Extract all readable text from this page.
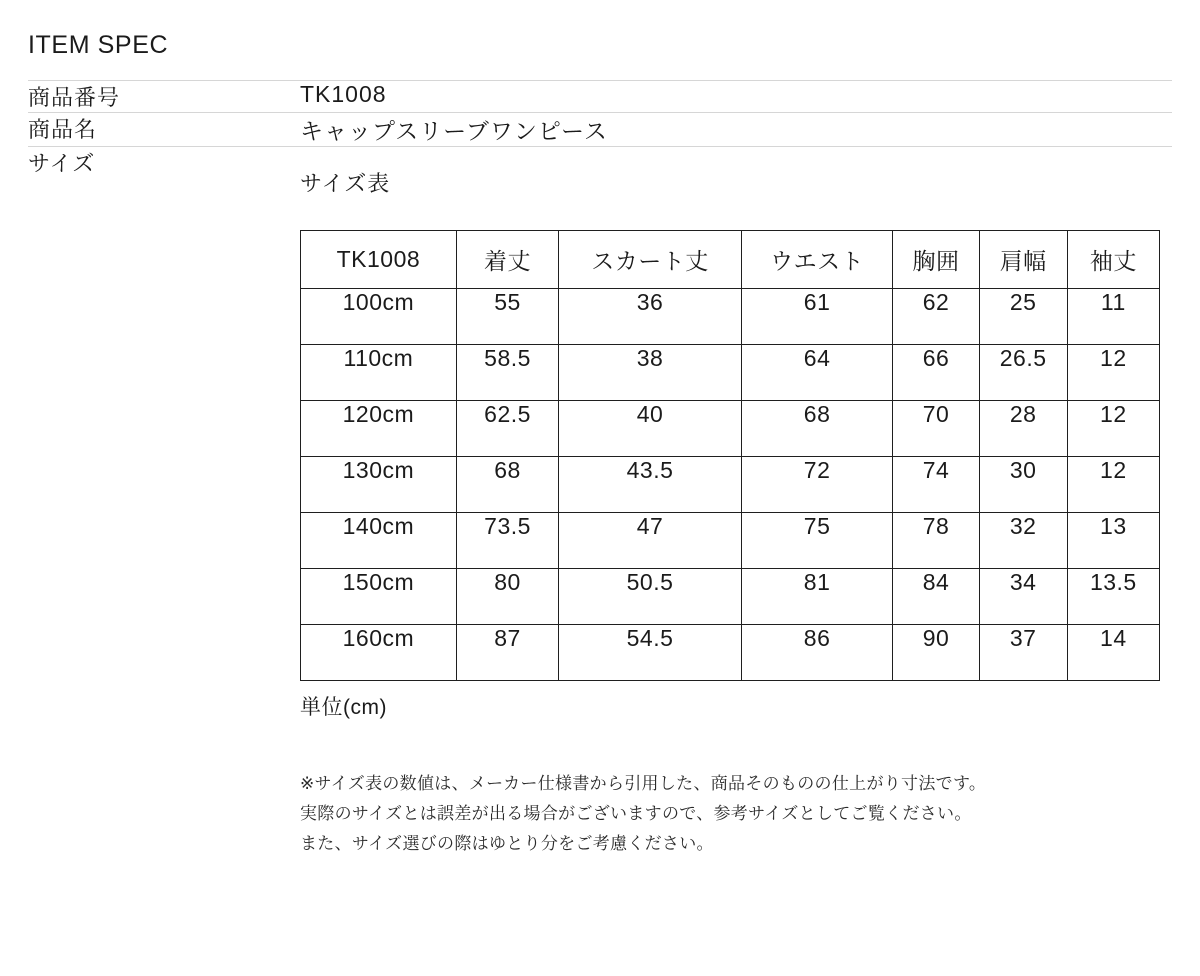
ITEM SPEC
商品番号	TK1008
商品名	キャップスリーブワンピース
サイズ	
サイズ表
TK1008	着丈	スカート丈	ウエスト	胸囲	肩幅	袖丈
100cm	55	36	61	62	25	11
110cm	58.5	38	64	66	26.5	12
120cm	62.5	40	68	70	28	12
130cm	68	43.5	72	74	30	12
140cm	73.5	47	75	78	32	13
150cm	80	50.5	81	84	34	13.5
160cm	87	54.5	86	90	37	14
単位(cm)
※サイズ表の数値は、メーカー仕様書から引用した、商品そのものの仕上がり寸法です。
実際のサイズとは誤差が出る場合がございますので、参考サイズとしてご覧ください。
また、サイズ選びの際はゆとり分をご考慮ください。
